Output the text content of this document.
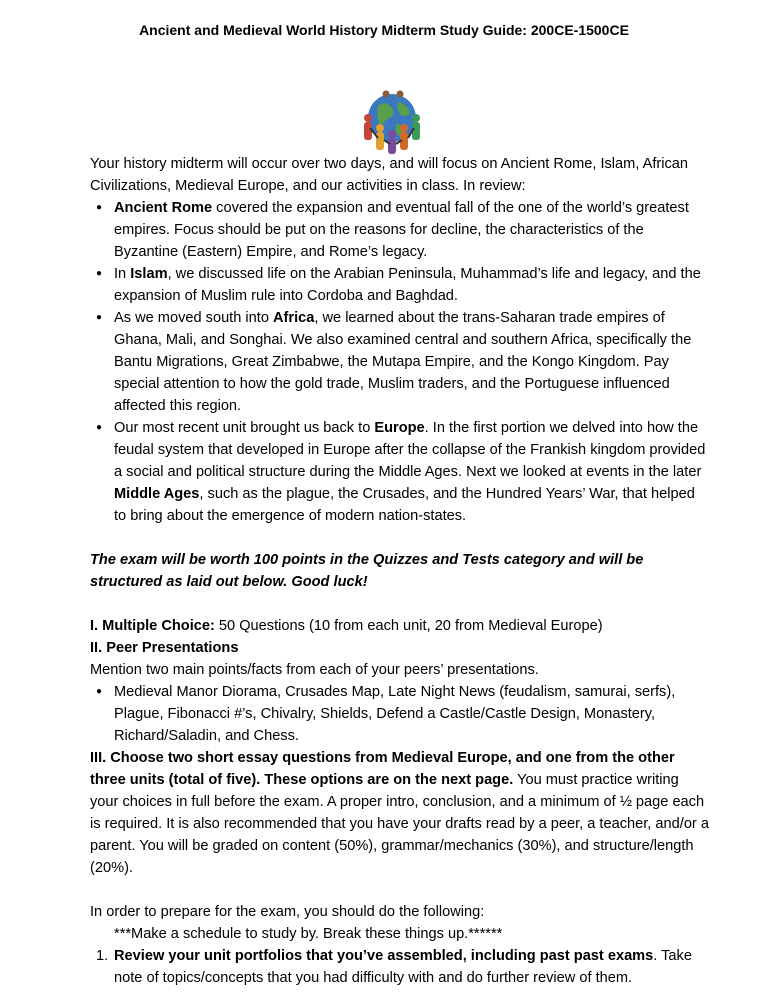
Ancient and Medieval World History Midterm Study Guide: 200CE-1500CE

Your history midterm will occur over two days, and will focus on Ancient Rome, Islam, African Civilizations, Medieval Europe, and our activities in class. In review:

● Ancient Rome covered the expansion and eventual fall of the one of the world’s greatest empires. Focus should be put on the reasons for decline, the characteristics of the Byzantine (Eastern) Empire, and Rome’s legacy.
● In Islam, we discussed life on the Arabian Peninsula, Muhammad’s life and legacy, and the expansion of Muslim rule into Cordoba and Baghdad.
● As we moved south into Africa, we learned about the trans-Saharan trade empires of Ghana, Mali, and Songhai. We also examined central and southern Africa, specifically the Bantu Migrations, Great Zimbabwe, the Mutapa Empire, and the Kongo Kingdom. Pay special attention to how the gold trade, Muslim traders, and the Portuguese influenced affected this region.
● Our most recent unit brought us back to Europe. In the first portion we delved into how the feudal system that developed in Europe after the collapse of the Frankish kingdom provided a social and political structure during the Middle Ages. Next we looked at events in the later Middle Ages, such as the plague, the Crusades, and the Hundred Years’ War, that helped to bring about the emergence of modern nation-states.

The exam will be worth 100 points in the Quizzes and Tests category and will be structured as laid out below. Good luck!

I. Multiple Choice: 50 Questions (10 from each unit, 20 from Medieval Europe)

II. Peer Presentations

Mention two main points/facts from each of your peers’ presentations.

● Medieval Manor Diorama, Crusades Map, Late Night News (feudalism, samurai, serfs), Plague, Fibonacci #’s, Chivalry, Shields, Defend a Castle/Castle Design, Monastery, Richard/Saladin, and Chess.

III. Choose two short essay questions from Medieval Europe, and one from the other three units (total of five). These options are on the next page. You must practice writing your choices in full before the exam. A proper intro, conclusion, and a minimum of ½ page each is required. It is also recommended that you have your drafts read by a peer, a teacher, and/or a parent. You will be graded on content (50%), grammar/mechanics (30%), and structure/length (20%).

In order to prepare for the exam, you should do the following:

***Make a schedule to study by. Break these things up.******

1. Review your unit portfolios that you’ve assembled, including past past exams. Take note of topics/concepts that you had difficulty with and do further review of them.
